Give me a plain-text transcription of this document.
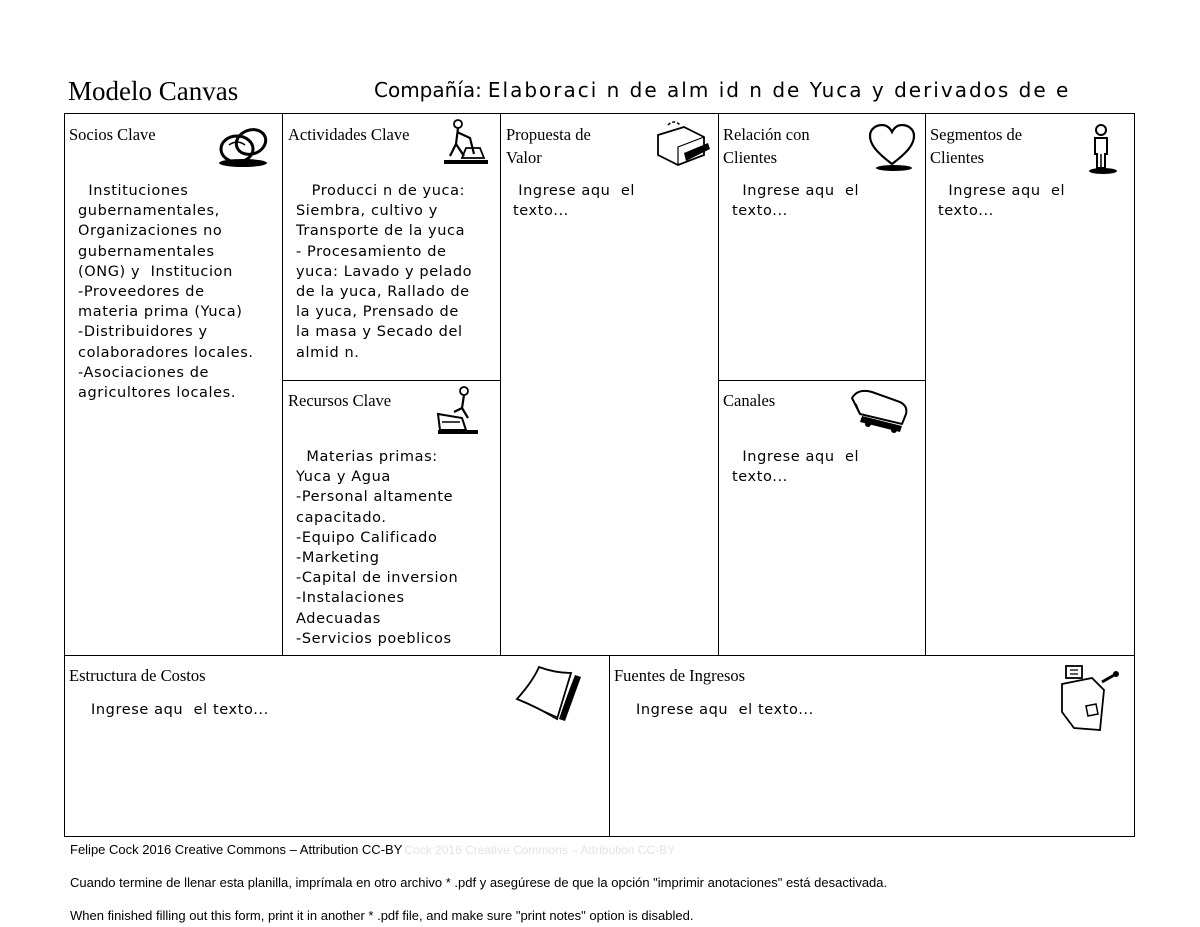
Modelo Canvas	Compañía: Elaboraci n de alm id n de Yuca y derivados de e
Socios Clave
Instituciones
gubernamentales,
Organizaciones no
gubernamentales
(ONG) y  Institucion
-Proveedores de
materia prima (Yuca)
-Distribuidores y
colaboradores locales.
-Asociaciones de
agricultores locales.
Actividades Clave
Producci n de yuca:
Siembra, cultivo y
Transporte de la yuca
- Procesamiento de
yuca: Lavado y pelado
de la yuca, Rallado de
la yuca, Prensado de
la masa y Secado del
almid n.
Recursos Clave
Materias primas:
Yuca y Agua
-Personal altamente
capacitado.
-Equipo Calificado
-Marketing
-Capital de inversion
-Instalaciones
Adecuadas
-Servicios poeblicos
Propuesta de
Valor
Ingrese aqu  el
texto...
Relación con
Clientes
Ingrese aqu  el
texto...
Canales
Ingrese aqu  el
texto...
Segmentos de
Clientes
Ingrese aqu  el
texto...
Estructura de Costos
Ingrese aqu  el texto...
Fuentes de Ingresos
Ingrese aqu  el texto...
Felipe Cock 2016 Creative Commons – Attribution CC-BY Cock 2016 Creative Commons – Attribution CC-BY
Cuando termine de llenar esta planilla, imprímala en otro archivo * .pdf y asegúrese de que la opción "imprimir anotaciones" está desactivada.
When finished filling out this form, print it in another * .pdf file, and make sure "print notes" option is disabled.
